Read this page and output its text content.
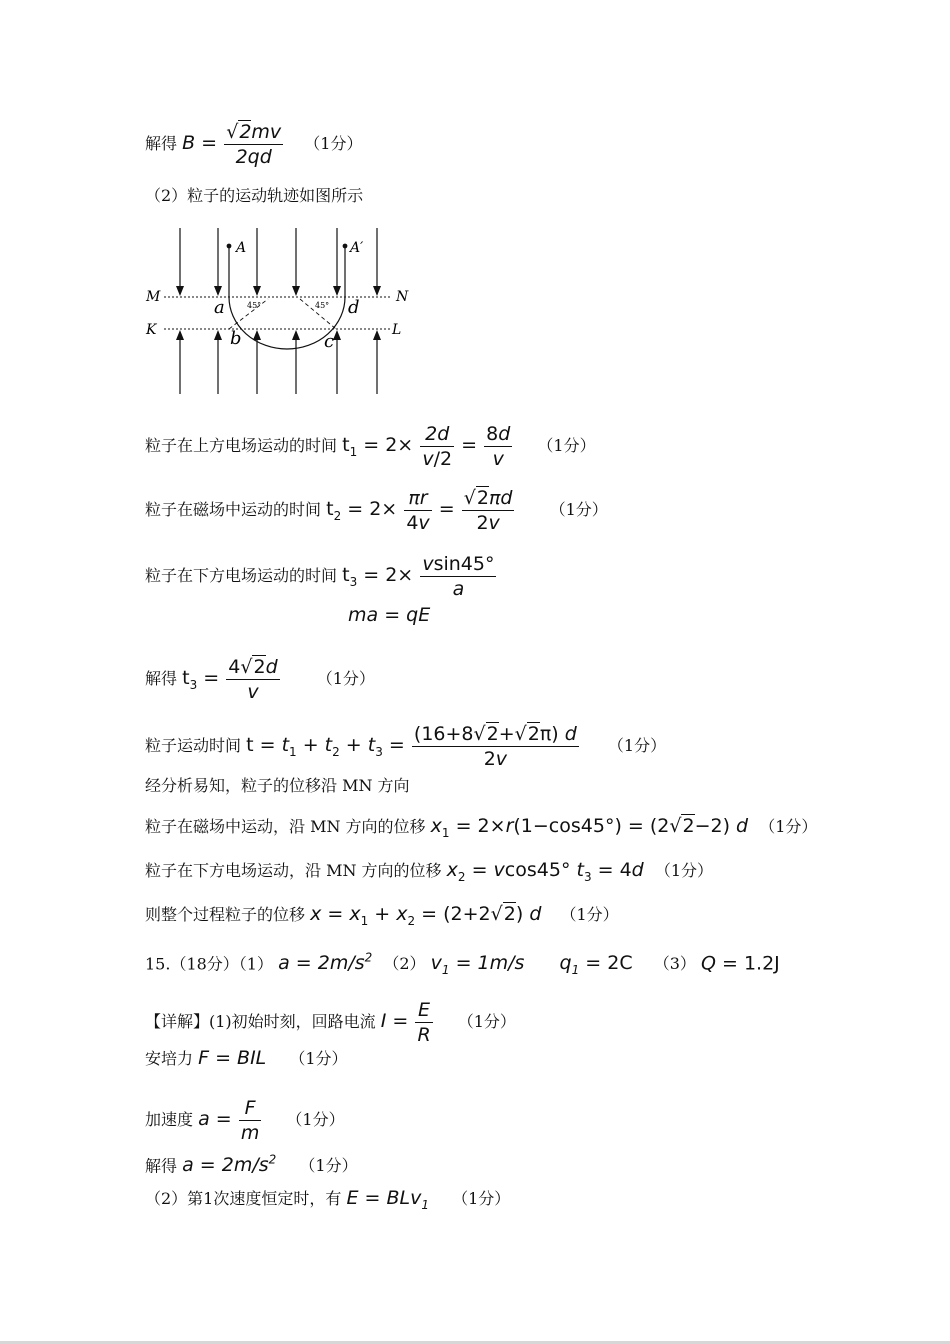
解得 $B = \frac{√2mv}{2qd} (1$分）
（2）粒子的运动轨迹如图所示
A	A′
M	N
K	L
a	d
b	c
45°	45°
粒子在上方电场运动的时间 $t_1 = 2\times \frac{2d}{v/2} = \frac{8d}{v} (1$分）
粒子在磁场中运动的时间 $t_2 = 2\times \frac{\pi r}{4v} = \frac{√2\pi d}{2v} (1$分）
粒子在下方电场运动的时间 $t_3 = 2\times \frac{vsin45^\circ}{a}$
ma = qE
解得 $t_3 = \frac{4√2d}{v} (1$分）
粒子运动时间 $t = t_1 + t_2 + t_3 = \frac{(16+8√2+√2\pi) d}{2v} (1$分）
经分析易知，粒子的位移沿 MN 方向
粒子在磁场中运动，沿 MN 方向的位移 $x_1 = 2\times r(1-\cos 45^\circ) = (2√2-2)$ d （1分）
粒子在下方电场运动，沿 MN 方向的位移 $x_2 = vcos45^\circ$ $t_3 = 4d$ （1分）
则整个过程粒子的位移 $x = x_1 + x_2 = (2+2√2)$ d （1分）
15.（18分）（1） $a = 2m/s^2$ （2） $v_1 = 1m/s$ $q_1 = 2C$ （3） Q = 1.2J
【详解】(1)初始时刻，回路电流 $I = \frac{E}{R} (1$分）
安培力 F = BIL （1分）
加速度 $a = \frac{F}{m} (1$分）
解得 $a = 2m/s^2$ （1分）
（2）第1次速度恒定时，有 E = BLv$_1$ （1分）
